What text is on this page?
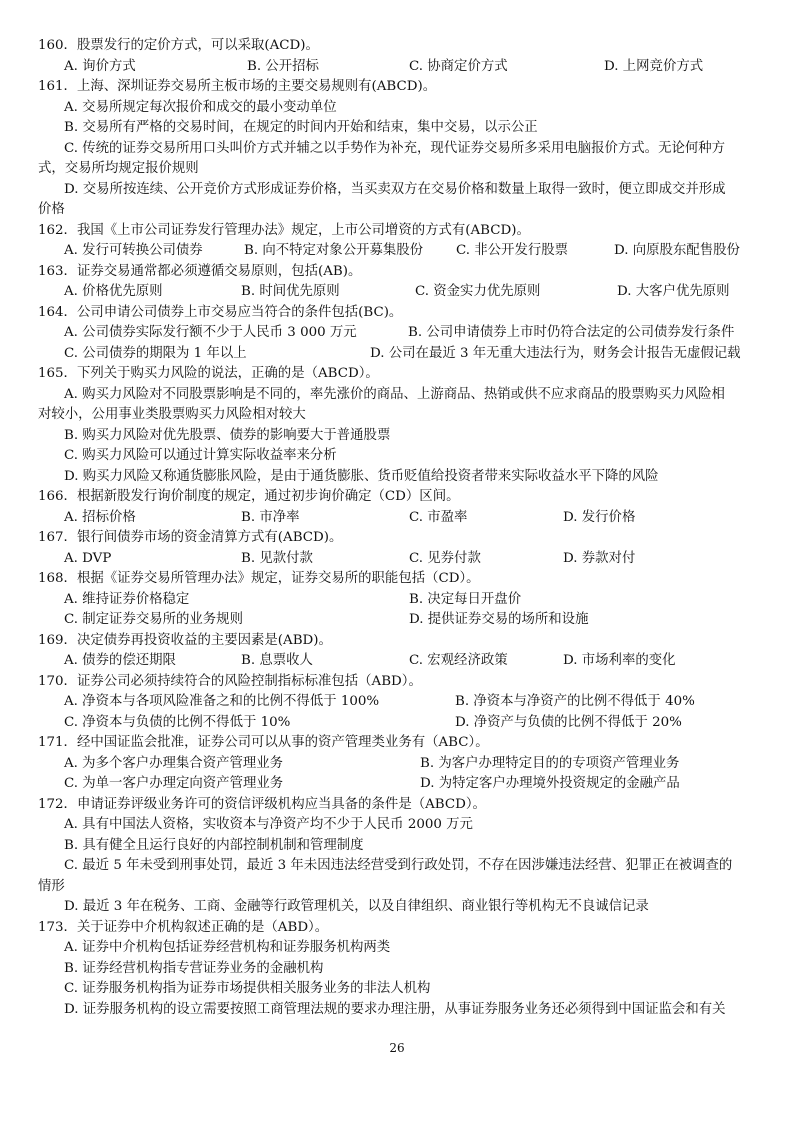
160．股票发行的定价方式，可以采取(ACD)。
A. 询价方式	B. 公开招标	C. 协商定价方式	D. 上网竞价方式
161．上海、深圳证券交易所主板市场的主要交易规则有(ABCD)。
A. 交易所规定每次报价和成交的最小变动单位
B. 交易所有严格的交易时间，在规定的时间内开始和结束，集中交易，以示公正
C. 传统的证券交易所用口头叫价方式并辅之以手势作为补充，现代证券交易所多采用电脑报价方式。无论何种方
式，交易所均规定报价规则
D. 交易所按连续、公开竞价方式形成证券价格，当买卖双方在交易价格和数量上取得一致时，便立即成交并形成
价格
162．我国《上市公司证券发行管理办法》规定，上市公司增资的方式有(ABCD)。
A. 发行可转换公司债券	B. 向不特定对象公开募集股份 C. 非公开发行股票	D. 向原股东配售股份
163．证券交易通常都必须遵循交易原则，包括(AB)。
A. 价格优先原则	B. 时间优先原则	C. 资金实力优先原则	D. 大客户优先原则
164．公司申请公司债券上市交易应当符合的条件包括(BC)。
A. 公司债券实际发行额不少于人民币 3 000 万元	B. 公司申请债券上市时仍符合法定的公司债券发行条件
C. 公司债券的期限为 1 年以上	D. 公司在最近 3 年无重大违法行为，财务会计报告无虚假记载
165．下列关于购买力风险的说法，正确的是（ABCD）。
A. 购买力风险对不同股票影响是不同的，率先涨价的商品、上游商品、热销或供不应求商品的股票购买力风险相
对较小，公用事业类股票购买力风险相对较大
B. 购买力风险对优先股票、债券的影响要大于普通股票
C. 购买力风险可以通过计算实际收益率来分析
D. 购买力风险又称通货膨胀风险，是由于通货膨胀、货币贬值给投资者带来实际收益水平下降的风险
166．根据新股发行询价制度的规定，通过初步询价确定（CD）区间。
A. 招标价格	B. 市净率	C. 市盈率	D. 发行价格
167．银行间债券市场的资金清算方式有(ABCD)。
A. DVP	B. 见款付款	C. 见券付款	D. 券款对付
168．根据《证券交易所管理办法》规定，证券交易所的职能包括（CD）。
A. 维持证券价格稳定	B. 决定每日开盘价
C. 制定证券交易所的业务规则	D. 提供证券交易的场所和设施
169．决定债券再投资收益的主要因素是(ABD)。
A. 债券的偿还期限	B. 息票收人	C. 宏观经济政策	D. 市场利率的变化
170．证券公司必须持续符合的风险控制指标标准包括（ABD）。
A. 净资本与各项风险准备之和的比例不得低于 100%	B. 净资本与净资产的比例不得低于 40%
C. 净资本与负债的比例不得低于 10%	D. 净资产与负债的比例不得低于 20%
171．经中国证监会批准，证券公司可以从事的资产管理类业务有（ABC）。
A. 为多个客户办理集合资产管理业务	B. 为客户办理特定目的的专项资产管理业务
C. 为单一客户办理定向资产管理业务	D. 为特定客户办理境外投资规定的金融产品
172．申请证券评级业务许可的资信评级机构应当具备的条件是（ABCD）。
A. 具有中国法人资格，实收资本与净资产均不少于人民币 2000 万元
B. 具有健全且运行良好的内部控制机制和管理制度
C. 最近 5 年未受到刑事处罚，最近 3 年未因违法经营受到行政处罚，不存在因涉嫌违法经营、犯罪正在被调查的
情形
D. 最近 3 年在税务、工商、金融等行政管理机关，以及自律组织、商业银行等机构无不良诚信记录
173．关于证券中介机构叙述正确的是（ABD）。
A. 证券中介机构包括证券经营机构和证券服务机构两类
B. 证券经营机构指专营证券业务的金融机构
C. 证券服务机构指为证券市场提供相关服务业务的非法人机构
D. 证券服务机构的设立需要按照工商管理法规的要求办理注册，从事证券服务业务还必须得到中国证监会和有关
26
